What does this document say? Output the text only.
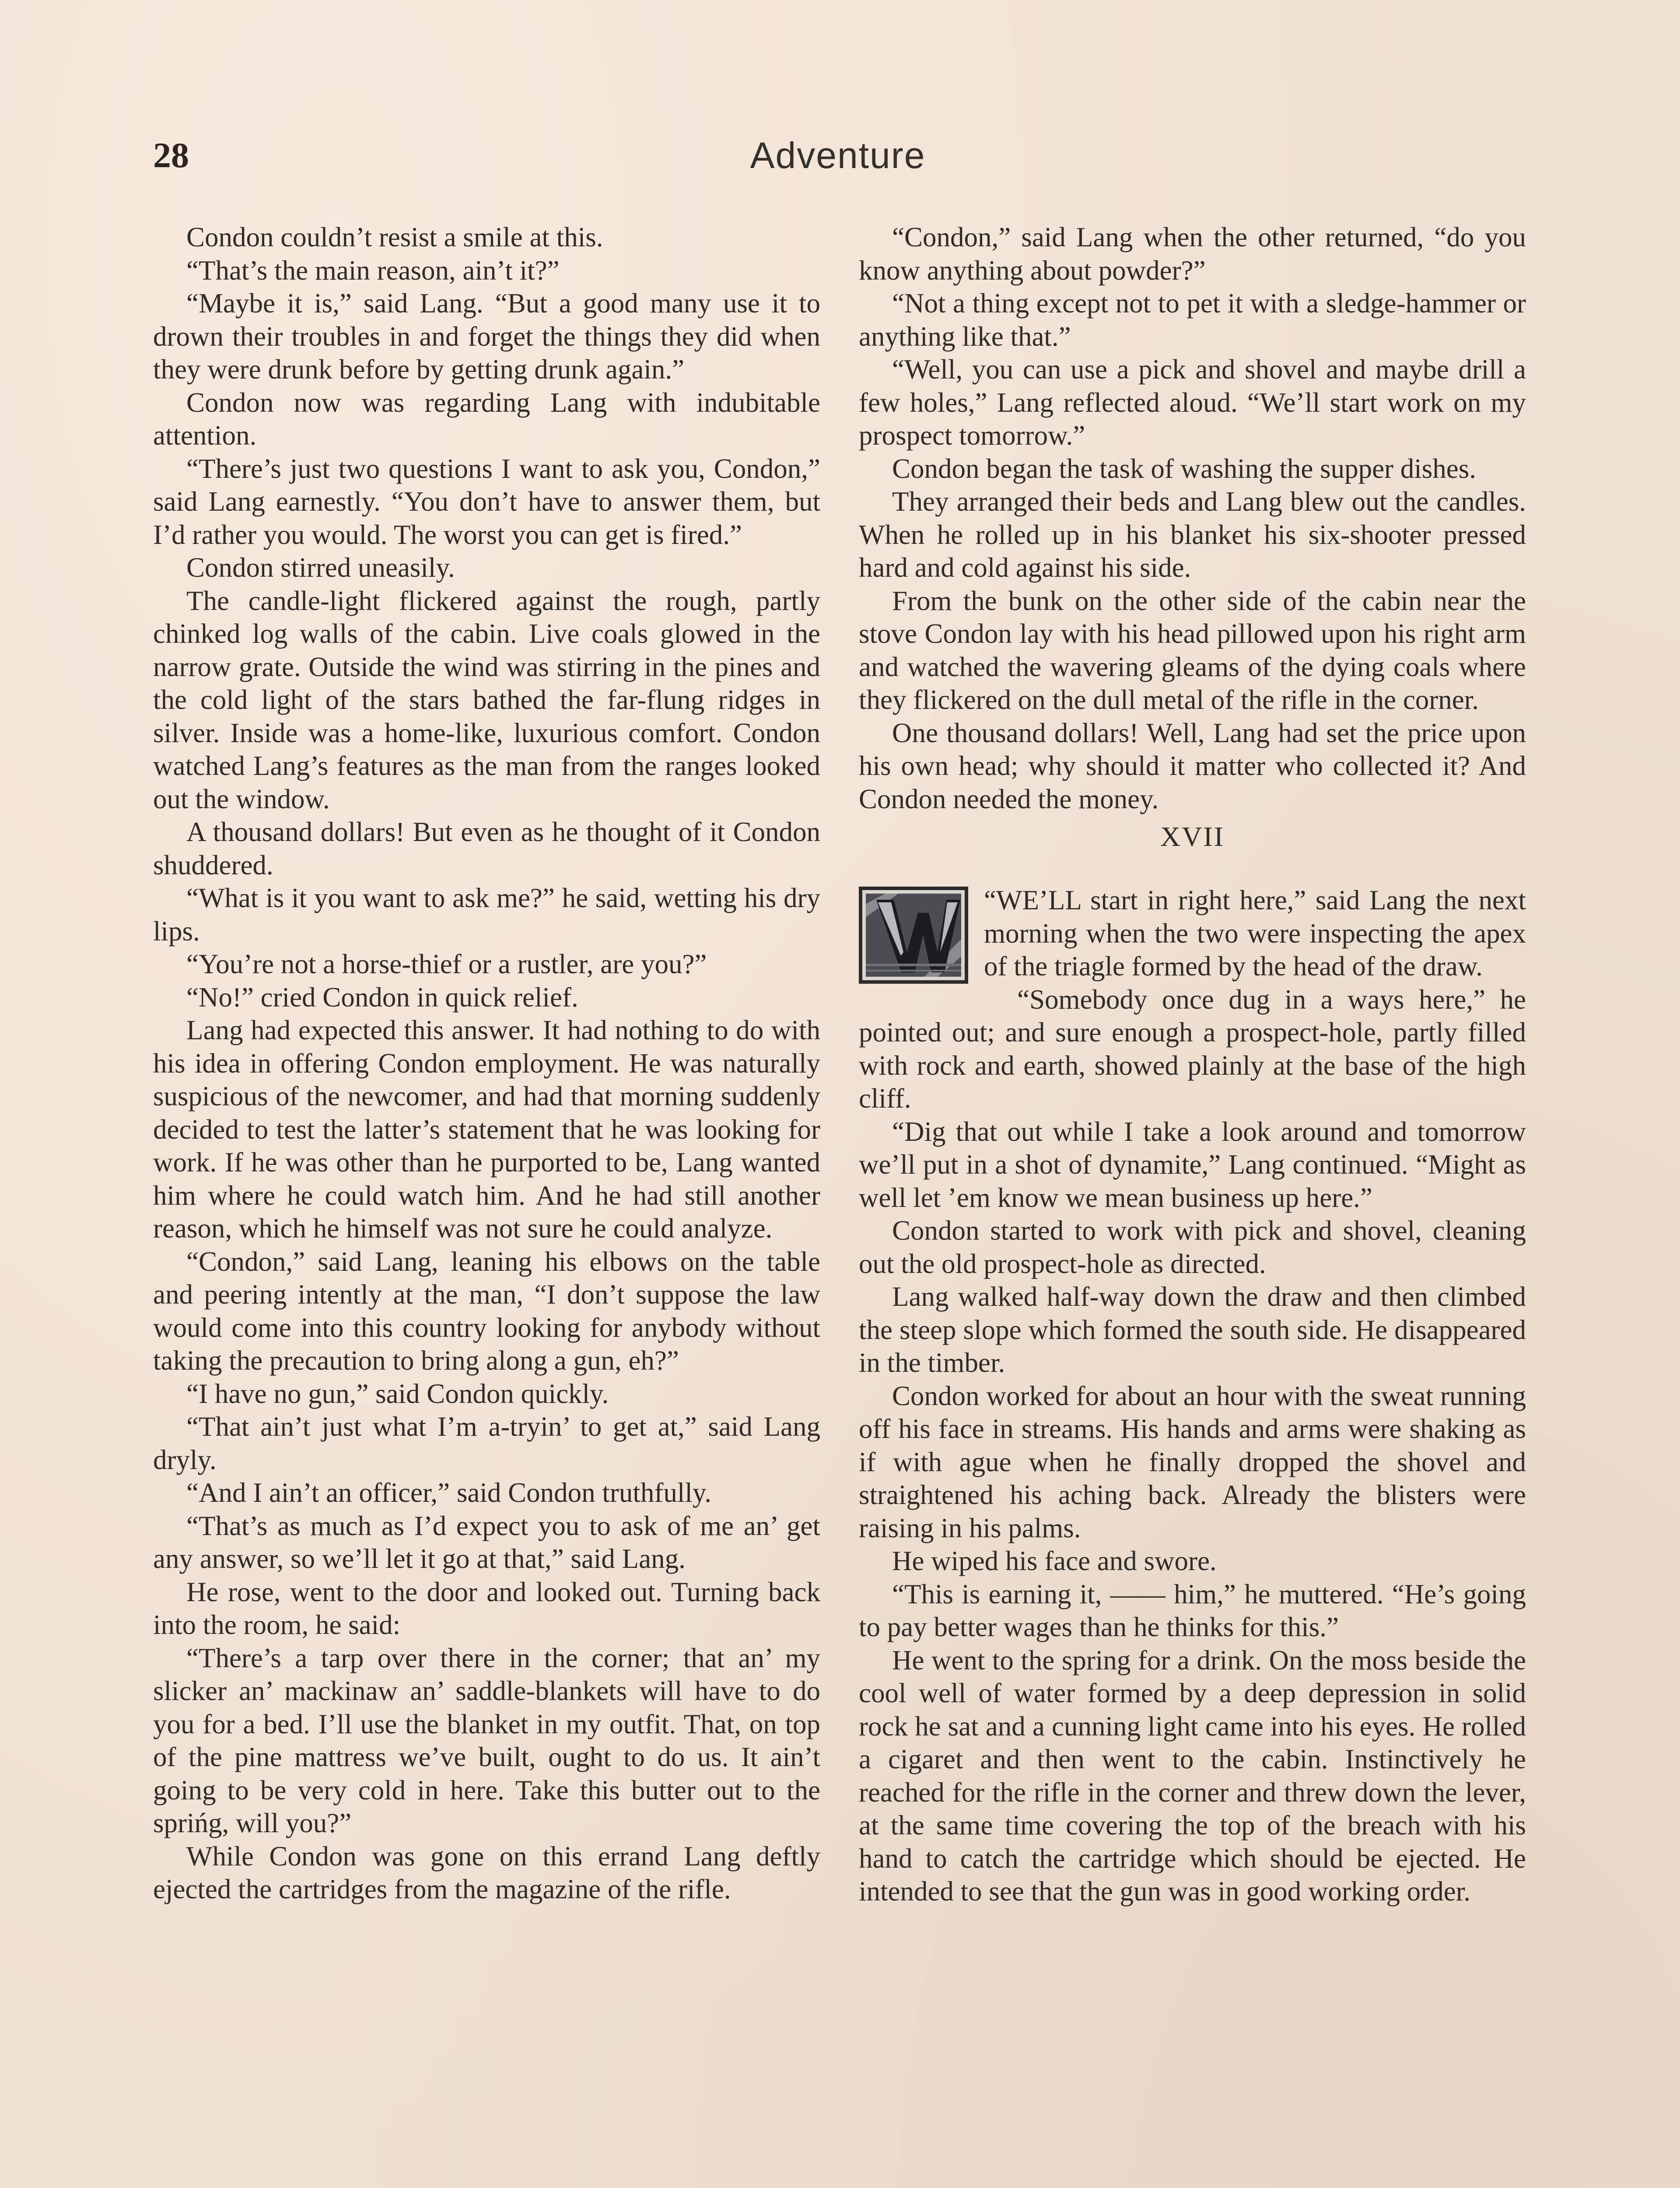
28	Adventure

Condon couldn’t resist a smile at this.

“That’s the main reason, ain’t it?”

“Maybe it is,” said Lang. “But a good many use it to drown their troubles in and forget the things they did when they were drunk before by getting drunk again.”

Condon now was regarding Lang with indubitable attention.

“There’s just two questions I want to ask you, Condon,” said Lang earnestly. “You don’t have to answer them, but I’d rather you would. The worst you can get is fired.”

Condon stirred uneasily.

The candle-light flickered against the rough, partly chinked log walls of the cabin. Live coals glowed in the narrow grate. Outside the wind was stirring in the pines and the cold light of the stars bathed the far-flung ridges in silver. Inside was a home-like, luxurious comfort. Condon watched Lang’s features as the man from the ranges looked out the window.

A thousand dollars! But even as he thought of it Condon shuddered.

“What is it you want to ask me?” he said, wetting his dry lips.

“You’re not a horse-thief or a rustler, are you?”

“No!” cried Condon in quick relief.

Lang had expected this answer. It had nothing to do with his idea in offering Condon employment. He was naturally suspicious of the newcomer, and had that morning suddenly decided to test the latter’s statement that he was looking for work. If he was other than he purported to be, Lang wanted him where he could watch him. And he had still another reason, which he himself was not sure he could analyze.

“Condon,” said Lang, leaning his elbows on the table and peering intently at the man, “I don’t suppose the law would come into this country looking for anybody without taking the precaution to bring along a gun, eh?”

“I have no gun,” said Condon quickly.

“That ain’t just what I’m a-tryin’ to get at,” said Lang dryly.

“And I ain’t an officer,” said Condon truthfully.

“That’s as much as I’d expect you to ask of me an’ get any answer, so we’ll let it go at that,” said Lang.

He rose, went to the door and looked out. Turning back into the room, he said:

“There’s a tarp over there in the corner; that an’ my slicker an’ mackinaw an’ saddle-blankets will have to do you for a bed. I’ll use the blanket in my outfit. That, on top of the pine mattress we’ve built, ought to do us. It ain’t going to be very cold in here. Take this butter out to the sprińg, will you?”

While Condon was gone on this errand Lang deftly ejected the cartridges from the magazine of the rifle.

“Condon,” said Lang when the other returned, “do you know anything about powder?”

“Not a thing except not to pet it with a sledge-hammer or anything like that.”

“Well, you can use a pick and shovel and maybe drill a few holes,” Lang reflected aloud. “We’ll start work on my prospect tomorrow.”

Condon began the task of washing the supper dishes.

They arranged their beds and Lang blew out the candles. When he rolled up in his blanket his six-shooter pressed hard and cold against his side.

From the bunk on the other side of the cabin near the stove Condon lay with his head pillowed upon his right arm and watched the wavering gleams of the dying coals where they flickered on the dull metal of the rifle in the corner.

One thousand dollars! Well, Lang had set the price upon his own head; why should it matter who collected it? And Condon needed the money.

XVII

“WE’LL start in right here,” said Lang the next morning when the two were inspecting the apex of the triagle formed by the head of the draw.

“Somebody once dug in a ways here,” he pointed out; and sure enough a prospect-hole, partly filled with rock and earth, showed plainly at the base of the high cliff.

“Dig that out while I take a look around and tomorrow we’ll put in a shot of dynamite,” Lang continued. “Might as well let ’em know we mean business up here.”

Condon started to work with pick and shovel, cleaning out the old prospect-hole as directed.

Lang walked half-way down the draw and then climbed the steep slope which formed the south side. He disappeared in the timber.

Condon worked for about an hour with the sweat running off his face in streams. His hands and arms were shaking as if with ague when he finally dropped the shovel and straightened his aching back. Already the blisters were raising in his palms.

He wiped his face and swore.

“This is earning it, —— him,” he muttered. “He’s going to pay better wages than he thinks for this.”

He went to the spring for a drink. On the moss beside the cool well of water formed by a deep depression in solid rock he sat and a cunning light came into his eyes. He rolled a cigaret and then went to the cabin. Instinctively he reached for the rifle in the corner and threw down the lever, at the same time covering the top of the breach with his hand to catch the cartridge which should be ejected. He intended to see that the gun was in good working order.
